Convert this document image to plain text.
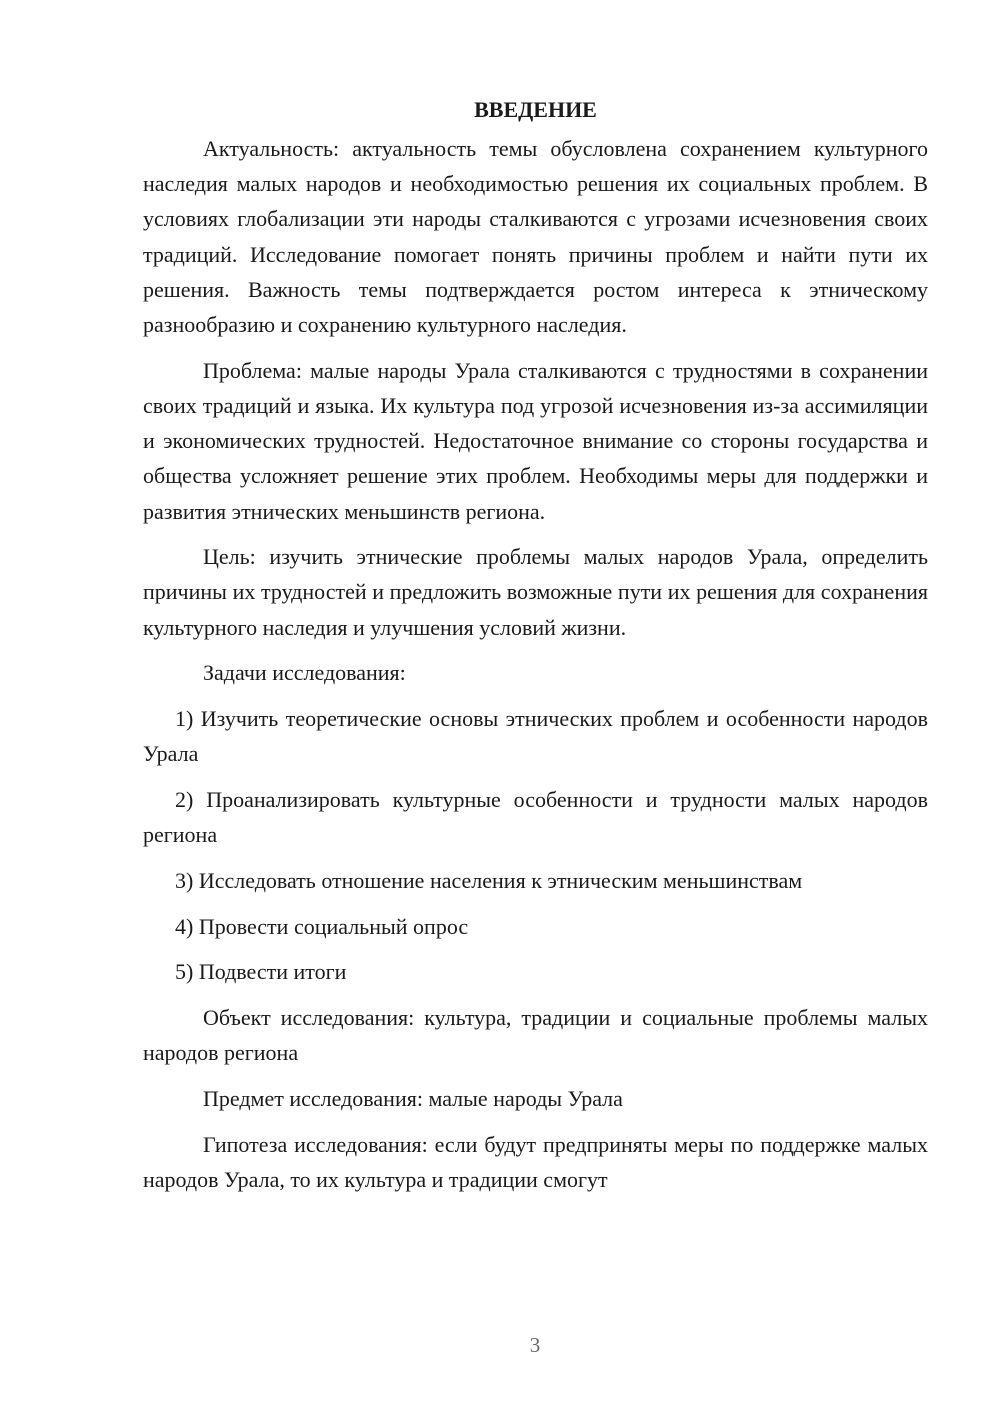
ВВЕДЕНИЕ

Актуальность: актуальность темы обусловлена сохранением культурного наследия малых народов и необходимостью решения их социальных проблем. В условиях глобализации эти народы сталкиваются с угрозами исчезновения своих традиций. Исследование помогает понять причины проблем и найти пути их решения. Важность темы подтверждается ростом интереса к этническому разнообразию и сохранению культурного наследия.

Проблема: малые народы Урала сталкиваются с трудностями в сохранении своих традиций и языка. Их культура под угрозой исчезновения из-за ассимиляции и экономических трудностей. Недостаточное внимание со стороны государства и общества усложняет решение этих проблем. Необходимы меры для поддержки и развития этнических меньшинств региона.

Цель: изучить этнические проблемы малых народов Урала, определить причины их трудностей и предложить возможные пути их решения для сохранения культурного наследия и улучшения условий жизни.

Задачи исследования:

1) Изучить теоретические основы этнических проблем и особенности народов Урала

2) Проанализировать культурные особенности и трудности малых народов региона

3) Исследовать отношение населения к этническим меньшинствам

4) Провести социальный опрос

5) Подвести итоги

Объект исследования: культура, традиции и социальные проблемы малых народов региона

Предмет исследования: малые народы Урала

Гипотеза исследования: если будут предприняты меры по поддержке малых народов Урала, то их культура и традиции смогут

3
